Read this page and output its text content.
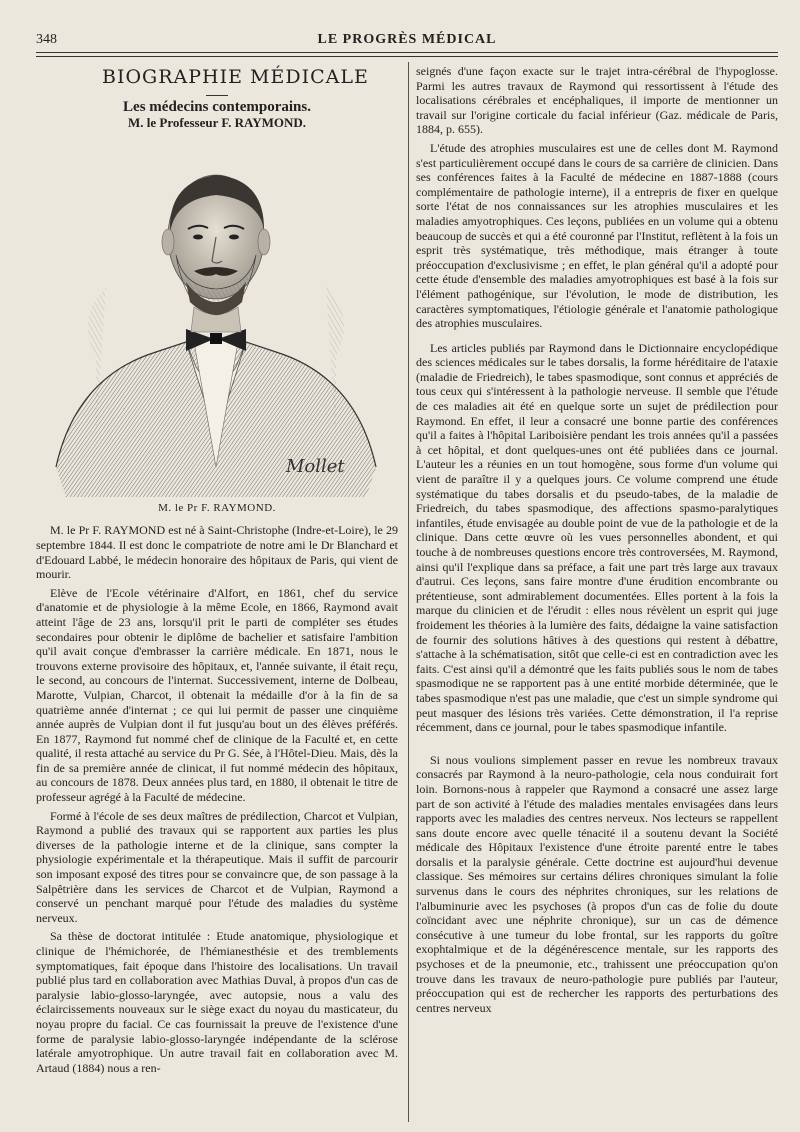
348	LE PROGRÈS MÉDICAL
BIOGRAPHIE MÉDICALE
Les médecins contemporains.
M. le Professeur F. RAYMOND.
Mollet
M. le Pr F. RAYMOND.

M. le Pr F. RAYMOND est né à Saint-Christophe (Indre-et-Loire), le 29 septembre 1844. Il est donc le compatriote de notre ami le Dr Blanchard et d'Edouard Labbé, le médecin honoraire des hôpitaux de Paris, qui vient de mourir.

Elève de l'Ecole vétérinaire d'Alfort, en 1861, chef du service d'anatomie et de physiologie à la même Ecole, en 1866, Raymond avait atteint l'âge de 23 ans, lorsqu'il prit le parti de compléter ses études secondaires pour obtenir le diplôme de bachelier et satisfaire l'ambition qu'il avait conçue d'embrasser la carrière médicale. En 1871, nous le trouvons externe provisoire des hôpitaux, et, l'année suivante, il était reçu, le second, au concours de l'internat. Successivement, interne de Dolbeau, Marotte, Vulpian, Charcot, il obtenait la médaille d'or à la fin de sa quatrième année d'internat ; ce qui lui permit de passer une cinquième année auprès de Vulpian dont il fut jusqu'au bout un des élèves préférés. En 1877, Raymond fut nommé chef de clinique de la Faculté et, en cette qualité, il resta attaché au service du Pr G. Sée, à l'Hôtel-Dieu. Mais, dès la fin de sa première année de clinicat, il fut nommé médecin des hôpitaux, au concours de 1878. Deux années plus tard, en 1880, il obtenait le titre de professeur agrégé à la Faculté de médecine.

Formé à l'école de ses deux maîtres de prédilection, Charcot et Vulpian, Raymond a publié des travaux qui se rapportent aux parties les plus diverses de la pathologie interne et de la clinique, sans compter la physiologie expérimentale et la thérapeutique. Mais il suffit de parcourir son imposant exposé des titres pour se convaincre que, de son passage à la Salpêtrière dans les services de Charcot et de Vulpian, Raymond a conservé un penchant marqué pour l'étude des maladies du système nerveux.

Sa thèse de doctorat intitulée : Etude anatomique, physiologique et clinique de l'hémichorée, de l'hémianesthésie et des tremblements symptomatiques, fait époque dans l'histoire des localisations. Un travail publié plus tard en collaboration avec Mathias Duval, à propos d'un cas de paralysie labio-glosso-laryngée, avec autopsie, nous a valu des éclaircissements nouveaux sur le siège exact du noyau du masticateur, du noyau propre du facial. Ce cas fournissait la preuve de l'existence d'une forme de paralysie labio-glosso-laryngée indépendante de la sclérose latérale amyotrophique. Un autre travail fait en collaboration avec M. Artaud (1884) nous a ren-

seignés d'une façon exacte sur le trajet intra-cérébral de l'hypoglosse. Parmi les autres travaux de Raymond qui ressortissent à l'étude des localisations cérébrales et encéphaliques, il importe de mentionner un travail sur l'origine corticale du facial inférieur (Gaz. médicale de Paris, 1884, p. 655).

L'étude des atrophies musculaires est une de celles dont M. Raymond s'est particulièrement occupé dans le cours de sa carrière de clinicien. Dans ses conférences faites à la Faculté de médecine en 1887-1888 (cours complémentaire de pathologie interne), il a entrepris de fixer en quelque sorte l'état de nos connaissances sur les atrophies musculaires et les maladies amyotrophiques. Ces leçons, publiées en un volume qui a obtenu beaucoup de succès et qui a été couronné par l'Institut, reflètent à la fois un esprit très systématique, très méthodique, mais étranger à toute préoccupation d'exclusivisme ; en effet, le plan général qu'il a adopté pour cette étude d'ensemble des maladies amyotrophiques est basé à la fois sur l'élément pathogénique, sur l'évolution, le mode de distribution, les caractères symptomatiques, l'étiologie générale et l'anatomie pathologique des atrophies musculaires.

Les articles publiés par Raymond dans le Dictionnaire encyclopédique des sciences médicales sur le tabes dorsalis, la forme héréditaire de l'ataxie (maladie de Friedreich), le tabes spasmodique, sont connus et appréciés de tous ceux qui s'intéressent à la pathologie nerveuse. Il semble que l'étude de ces maladies ait été en quelque sorte un sujet de prédilection pour Raymond. En effet, il leur a consacré une bonne partie des conférences qu'il a faites à l'hôpital Lariboisière pendant les trois années qu'il a passées à cet hôpital, et dont quelques-unes ont été publiées dans ce journal. L'auteur les a réunies en un tout homogène, sous forme d'un volume qui vient de paraître il y a quelques jours. Ce volume comprend une étude systématique du tabes dorsalis et du pseudo-tabes, de la maladie de Friedreich, du tabes spasmodique, des affections spasmo-paralytiques infantiles, étude envisagée au double point de vue de la pathologie et de la clinique. Dans cette œuvre où les vues personnelles abondent, et qui touche à de nombreuses questions encore très controversées, M. Raymond, ainsi qu'il l'explique dans sa préface, a fait une part très large aux travaux d'autrui. Ces leçons, sans faire montre d'une érudition encombrante ou prétentieuse, sont admirablement documentées. Elles portent à la fois la marque du clinicien et de l'érudit : elles nous révèlent un esprit qui juge froidement les théories à la lumière des faits, dédaigne la vaine satisfaction de fournir des solutions hâtives à des questions qui restent à débattre, s'attache à la schématisation, sitôt que celle-ci est en contradiction avec les faits. C'est ainsi qu'il a démontré que les faits publiés sous le nom de tabes spasmodique ne se rapportent pas à une entité morbide déterminée, que le tabes spasmodique n'est pas une maladie, que c'est un simple syndrome qui peut masquer des lésions très variées. Cette démonstration, il l'a reprise récemment, dans ce journal, pour le tabes spasmodique infantile.

Si nous voulions simplement passer en revue les nombreux travaux consacrés par Raymond à la neuro-pathologie, cela nous conduirait fort loin. Bornons-nous à rappeler que Raymond a consacré une assez large part de son activité à l'étude des maladies mentales envisagées dans leurs rapports avec les maladies des centres nerveux. Nos lecteurs se rappellent sans doute encore avec quelle ténacité il a soutenu devant la Société médicale des Hôpitaux l'existence d'une étroite parenté entre le tabes dorsalis et la paralysie générale. Cette doctrine est aujourd'hui devenue classique. Ses mémoires sur certains délires chroniques simulant la folie survenus dans le cours des néphrites chroniques, sur les relations de l'albuminurie avec les psychoses (à propos d'un cas de folie du doute coïncidant avec une néphrite chronique), sur un cas de démence consécutive à une tumeur du lobe frontal, sur les rapports du goître exophtalmique et de la dégénérescence mentale, sur les rapports des psychoses et de la pneumonie, etc., trahissent une préoccupation qu'on trouve dans les travaux de neuro-pathologie pure publiés par l'auteur, préoccupation qui est de rechercher les rapports des perturbations des centres nerveux
